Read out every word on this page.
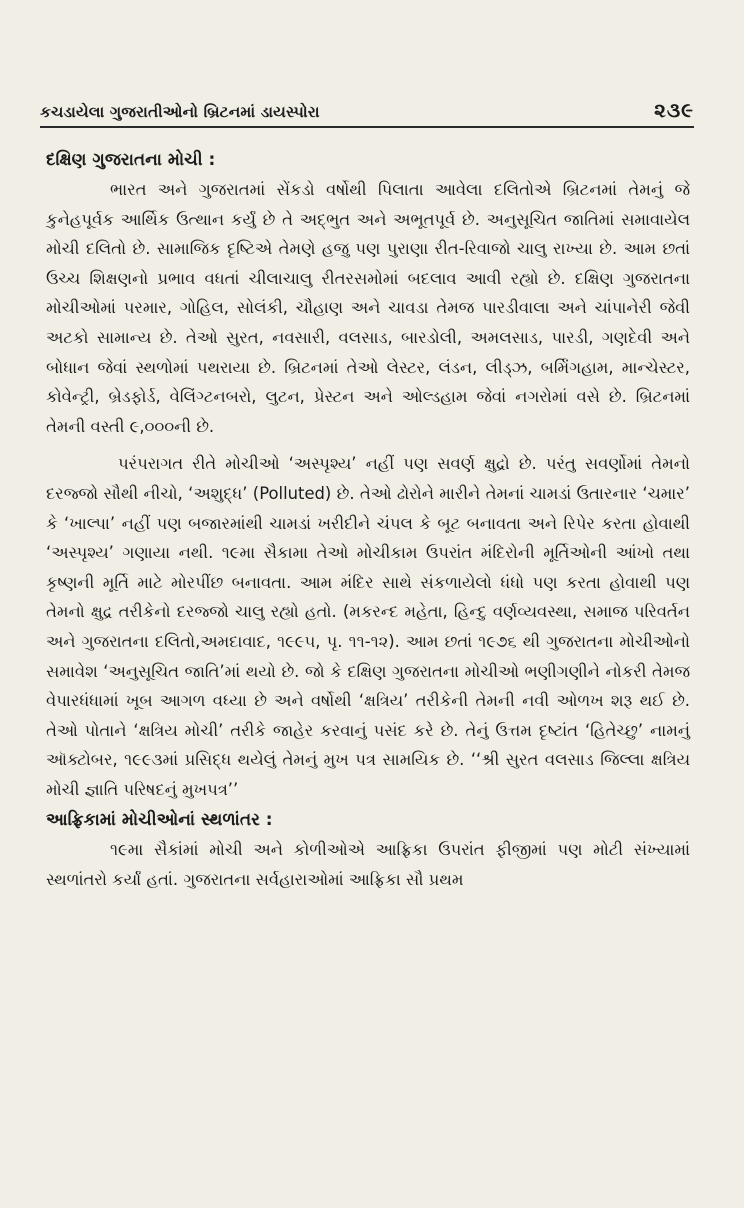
કચડાયેલા ગુજરાતીઓનો બ્રિટનમાં ડાયસ્પોરા	૨૩૯

દક્ષિણ ગુજરાતના મોચી :

ભારત અને ગુજરાતમાં સેંકડો વર્ષોથી પિલાતા આવેલા દલિતોએ બ્રિટનમાં તેમનું જે કુનેહપૂર્વક આર્થિક ઉત્થાન કર્યું છે તે અદ્ભુત અને અભૂતપૂર્વ છે. અનુસૂચિત જાતિમાં સમાવાયેલ મોચી દલિતો છે. સામાજિક દૃષ્ટિએ તેમણે હજુ પણ પુરાણા રીત-રિવાજો ચાલુ રાખ્યા છે. આમ છતાં ઉચ્ચ શિક્ષણનો પ્રભાવ વધતાં ચીલાચાલુ રીતરસમોમાં બદલાવ આવી રહ્યો છે. દક્ષિણ ગુજરાતના મોચીઓમાં પરમાર, ગોહિલ, સોલંકી, ચૌહાણ અને ચાવડા તેમજ પારડીવાલા અને ચાંપાનેરી જેવી અટકો સામાન્ય છે. તેઓ સુરત, નવસારી, વલસાડ, બારડોલી, અમલસાડ, પારડી, ગણદેવી અને બોધાન જેવાં સ્થળોમાં પથરાયા છે. બ્રિટનમાં તેઓ લેસ્ટર, લંડન, લીડ્ઝ, બર્મિંગહામ, માન્ચેસ્ટર, કોવેન્ટ્રી, બ્રેડફોર્ડ, વેલિંગ્ટનબરો, લુટન, પ્રેસ્ટન અને ઓલ્ડહામ જેવાં નગરોમાં વસે છે. બ્રિટનમાં તેમની વસ્તી ૯,૦૦૦ની છે.

પરંપરાગત રીતે મોચીઓ ‘અસ્પૃશ્ય’ નહીં પણ સવર્ણ ક્ષુદ્રો છે. પરંતુ સવર્ણોમાં તેમનો દરજ્જો સૌથી નીચો, ‘અશુદ્ધ’ (Polluted) છે. તેઓ ઢોરોને મારીને તેમનાં ચામડાં ઉતારનાર ‘ચમાર’ કે ‘ખાલ્પા’ નહીં પણ બજારમાંથી ચામડાં ખરીદીને ચંપલ કે બૂટ બનાવતા અને રિપેર કરતા હોવાથી ‘અસ્પૃશ્ય’ ગણાયા નથી. ૧૯મા સૈકામા તેઓ મોચીકામ ઉપરાંત મંદિરોની મૂર્તિઓની આંખો તથા કૃષ્ણની મૂર્તિ માટે મોરપીંછ બનાવતા. આમ મંદિર સાથે સંકળાયેલો ધંધો પણ કરતા હોવાથી પણ તેમનો ક્ષુદ્ર તરીકેનો દરજ્જો ચાલુ રહ્યો હતો. (મકરન્દ મહેતા, હિન્દુ વર્ણવ્યવસ્થા, સમાજ પરિવર્તન અને ગુજરાતના દલિતો,અમદાવાદ, ૧૯૯૫, પૃ. ૧૧-૧૨). આમ છતાં ૧૯૭૬ થી ગુજરાતના મોચીઓનો સમાવેશ ‘અનુસૂચિત જાતિ’માં થયો છે. જો કે દક્ષિણ ગુજરાતના મોચીઓ ભણીગણીને નોકરી તેમજ વેપારધંધામાં ખૂબ આગળ વધ્યા છે અને વર્ષોથી ‘ક્ષત્રિય’ તરીકેની તેમની નવી ઓળખ શરૂ થઈ છે. તેઓ પોતાને ‘ક્ષત્રિય મોચી’ તરીકે જાહેર કરવાનું પસંદ કરે છે. તેનું ઉત્તમ દૃષ્ટાંત ‘હિતેચ્છુ’ નામનું ઑક્ટોબર, ૧૯૯૩માં પ્રસિદ્ધ થયેલું તેમનું મુખ પત્ર સામયિક છે. ‘‘શ્રી સુરત વલસાડ જિલ્લા ક્ષત્રિય મોચી જ્ઞાતિ પરિષદનું મુખપત્ર’’

આફ્રિકામાં મોચીઓનાં સ્થળાંતર :

૧૯મા સૈકાંમાં મોચી અને કોળીઓએ આફ્રિકા ઉપરાંત ફીજીમાં પણ મોટી સંખ્યામાં સ્થળાંતરો કર્યાં હતાં. ગુજરાતના સર્વહારાઓમાં આફ્રિકા સૌ પ્રથમ
